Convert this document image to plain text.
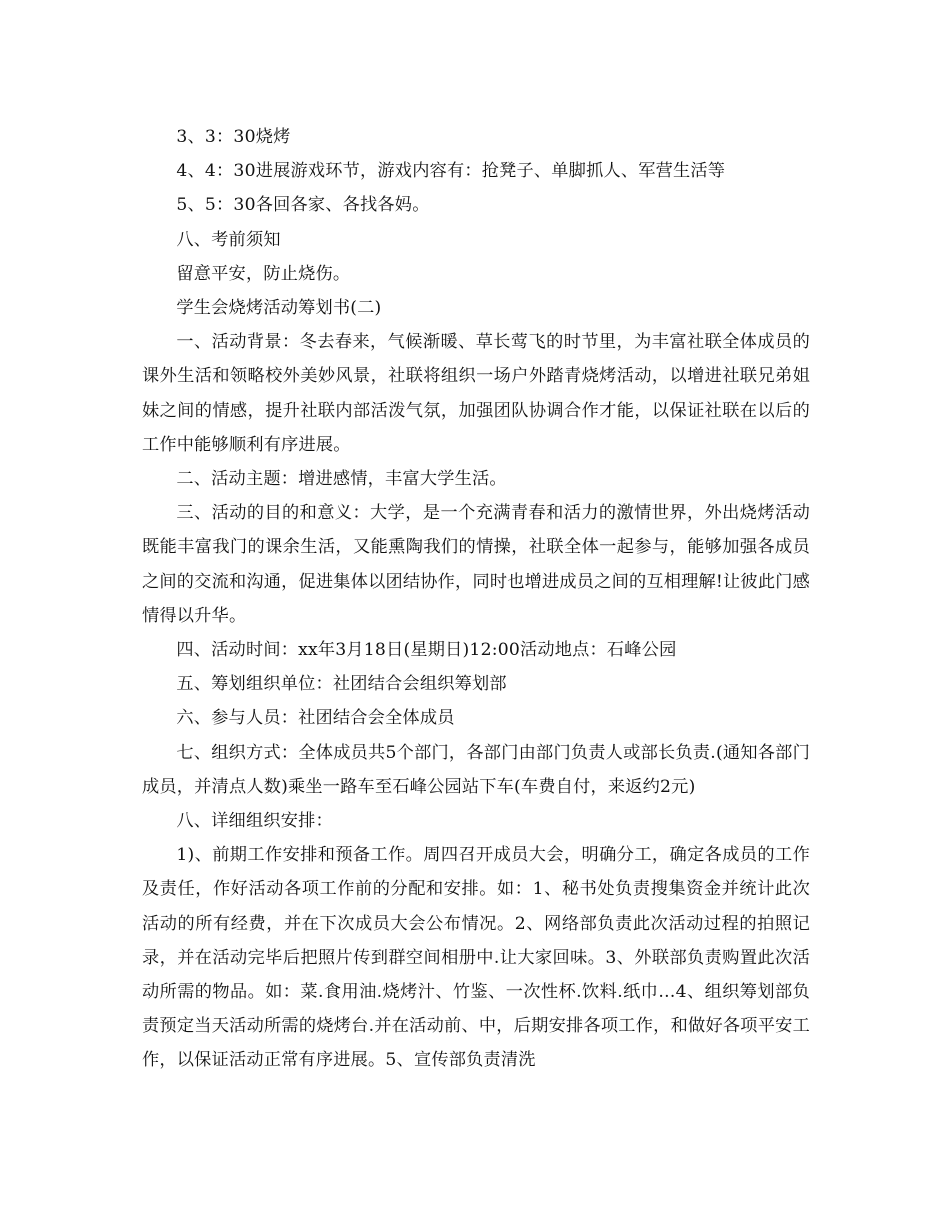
3、3：30烧烤

4、4：30进展游戏环节，游戏内容有：抢凳子、单脚抓人、军营生活等

5、5：30各回各家、各找各妈。

八、考前须知

留意平安，防止烧伤。

学生会烧烤活动筹划书(二)

一、活动背景：冬去春来，气候渐暖、草长莺飞的时节里，为丰富社联全体成员的课外生活和领略校外美妙风景，社联将组织一场户外踏青烧烤活动，以增进社联兄弟姐妹之间的情感，提升社联内部活泼气氛，加强团队协调合作才能，以保证社联在以后的工作中能够顺利有序进展。

二、活动主题：增进感情，丰富大学生活。

三、活动的目的和意义：大学，是一个充满青春和活力的激情世界，外出烧烤活动既能丰富我门的课余生活，又能熏陶我们的情操，社联全体一起参与，能够加强各成员之间的交流和沟通，促进集体以团结协作，同时也增进成员之间的互相理解!让彼此门感情得以升华。

四、活动时间：xx年3月18日(星期日)12:00活动地点：石峰公园

五、筹划组织单位：社团结合会组织筹划部

六、参与人员：社团结合会全体成员

七、组织方式：全体成员共5个部门，各部门由部门负责人或部长负责.(通知各部门成员，并清点人数)乘坐一路车至石峰公园站下车(车费自付，来返约2元)

八、详细组织安排：

1)、前期工作安排和预备工作。周四召开成员大会，明确分工，确定各成员的工作及责任，作好活动各项工作前的分配和安排。如：1、秘书处负责搜集资金并统计此次活动的所有经费，并在下次成员大会公布情况。2、网络部负责此次活动过程的拍照记录，并在活动完毕后把照片传到群空间相册中.让大家回味。3、外联部负责购置此次活动所需的物品。如：菜.食用油.烧烤汁、竹鉴、一次性杯.饮料.纸巾…4、组织筹划部负责预定当天活动所需的烧烤台.并在活动前、中，后期安排各项工作，和做好各项平安工作，以保证活动正常有序进展。5、宣传部负责清洗
